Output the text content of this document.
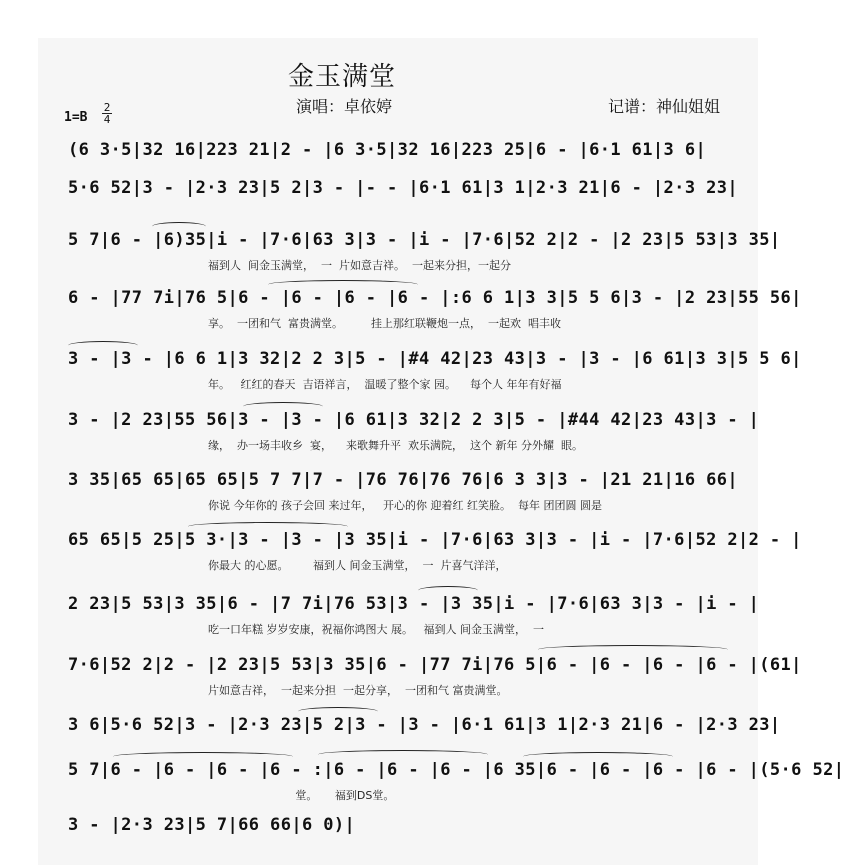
金玉满堂
演唱：卓依婷	记谱：神仙姐姐
1=B
2
4
(6 3·5|32 16|223 21|2 - |6 3·5|32 16|223 25|6 - |6·1 61|3 6|
5·6 52|3 - |2·3 23|5 2|3 - |- - |6·1 61|3 1|2·3 21|6 - |2·3 23|
5 7|6 - |6)35|i - |7·6|63 3|3 - |i - |7·6|52 2|2 - |2 23|5 53|3 35|
福到人  间金玉满堂，  一  片如意吉祥。  一起来分担，一起分
6 - |77 7i|76 5|6 - |6 - |6 - |6 - |:6 6 1|3 3|5 5 6|3 - |2 23|55 56|
享。  一团和气  富贵满堂。        挂上那红联鞭炮一点，  一起欢  唱丰收
3 - |3 - |6 6 1|3 32|2 2 3|5 - |#4 42|23 43|3 - |3 - |6 61|3 3|5 5 6|
年。   红红的春天  吉语祥言，  温暖了整个家 园。    每个人 年年有好福
3 - |2 23|55 56|3 - |3 - |6 61|3 32|2 2 3|5 - |#44 42|23 43|3 - |
缘，  办一场丰收乡  宴，    来歌舞升平  欢乐满院，  这个 新年 分外耀  眼。
3 35|65 65|65 65|5 7 7|7 - |76 76|76 76|6 3 3|3 - |21 21|16 66|
你说 今年你的 孩子会回 来过年，   开心的你 迎着红 红笑脸。  每年 团团圆 圆是
65 65|5 25|5 3·|3 - |3 - |3 35|i - |7·6|63 3|3 - |i - |7·6|52 2|2 - |
你最大 的心愿。       福到人 间金玉满堂，  一  片喜气洋洋，
2 23|5 53|3 35|6 - |7 7i|76 53|3 - |3 35|i - |7·6|63 3|3 - |i - |
吃一口年糕 岁岁安康，祝福你鸿图大 展。   福到人 间金玉满堂，  一
7·6|52 2|2 - |2 23|5 53|3 35|6 - |77 7i|76 5|6 - |6 - |6 - |6 - |(61|
片如意吉祥，  一起来分担  一起分享，  一团和气 富贵满堂。
3 6|5·6 52|3 - |2·3 23|5 2|3 - |3 - |6·1 61|3 1|2·3 21|6 - |2·3 23|
5 7|6 - |6 - |6 - |6 - :|6 - |6 - |6 - |6 35|6 - |6 - |6 - |6 - |(5·6 52|
堂。     福到DS堂。
3 - |2·3 23|5 7|66 66|6 0)|
